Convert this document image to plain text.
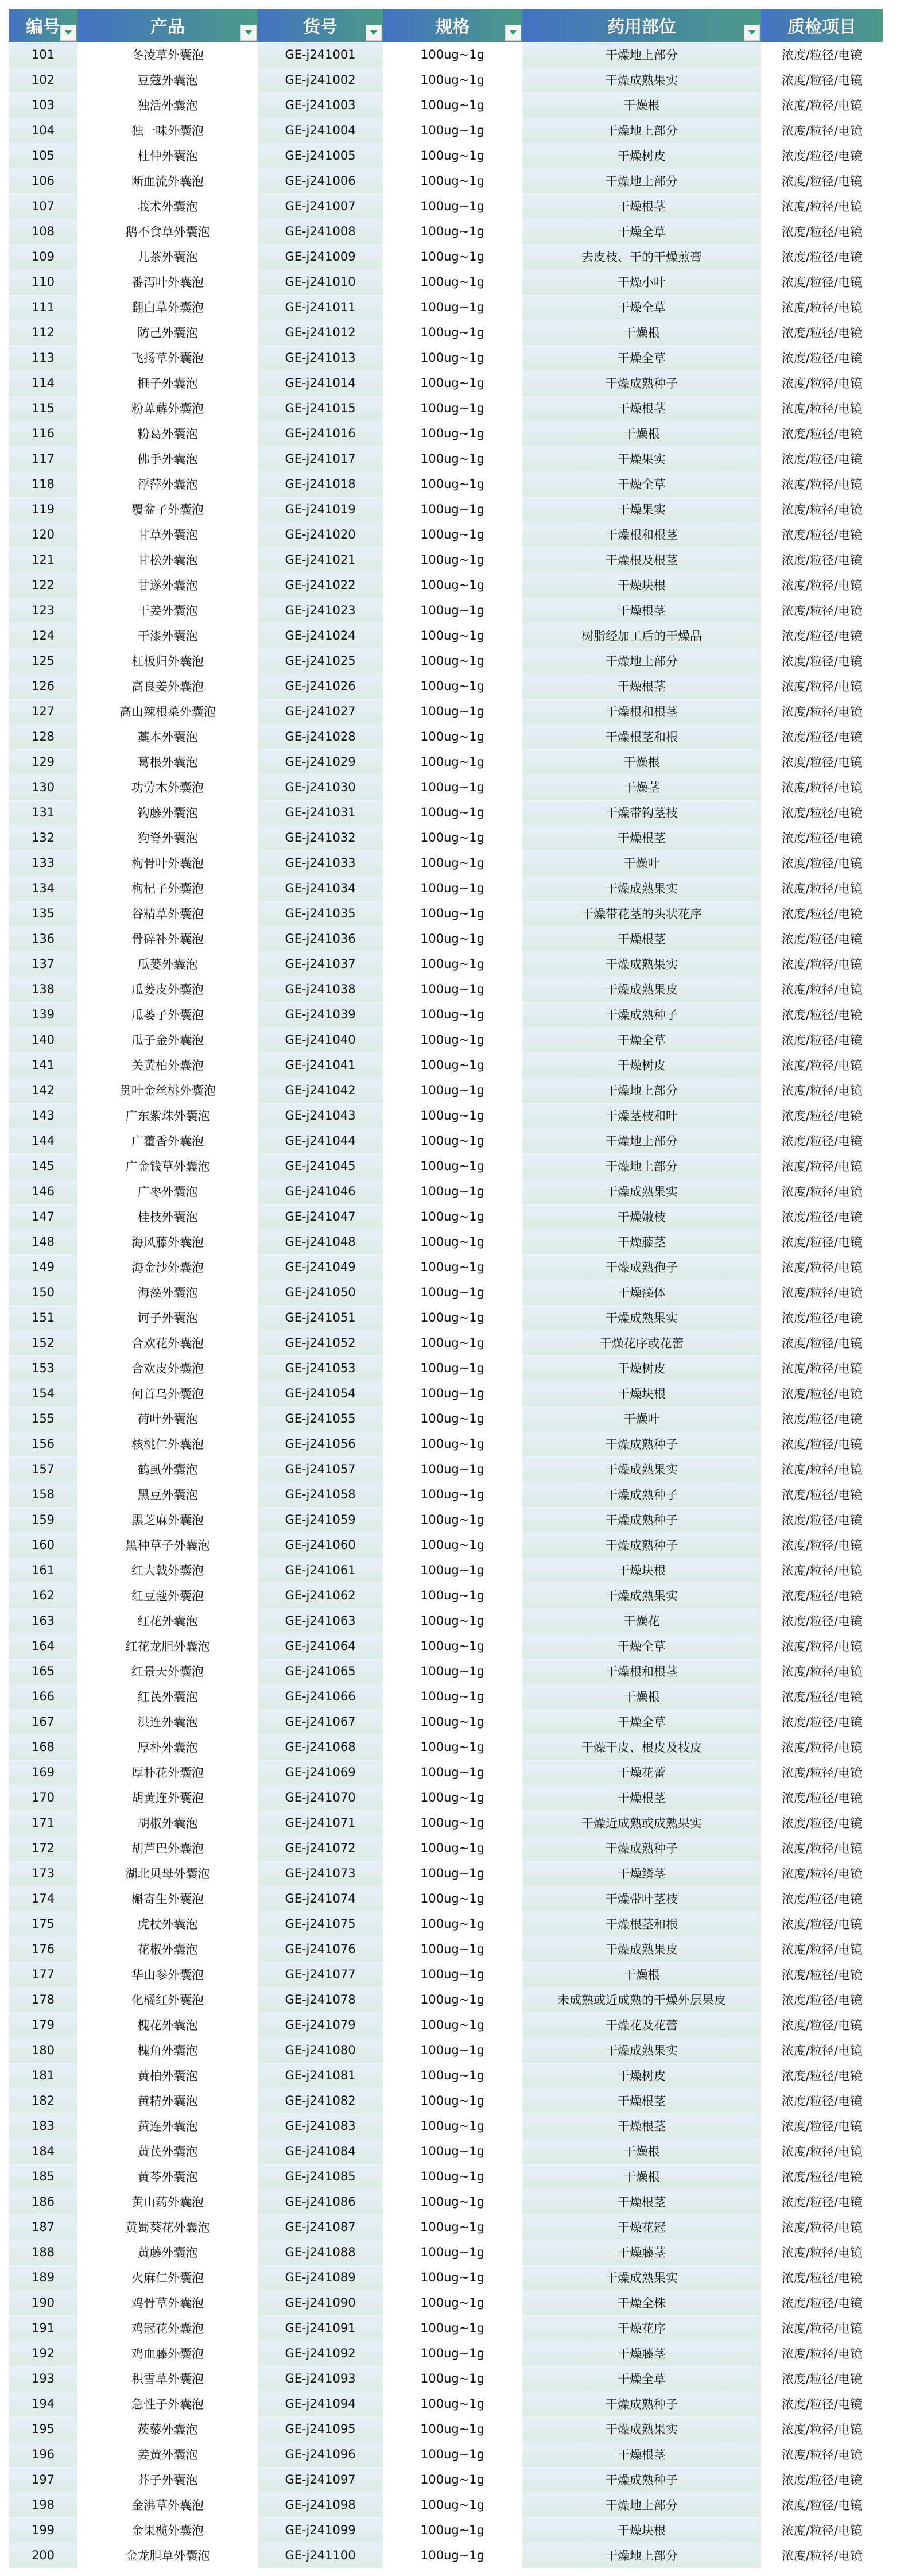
编号	产品	货号	规格	药用部位	质检项目
101	冬凌草外囊泡	GE-j241001	100ug~1g	干燥地上部分	浓度/粒径/电镜
102	豆蔻外囊泡	GE-j241002	100ug~1g	干燥成熟果实	浓度/粒径/电镜
103	独活外囊泡	GE-j241003	100ug~1g	干燥根	浓度/粒径/电镜
104	独一味外囊泡	GE-j241004	100ug~1g	干燥地上部分	浓度/粒径/电镜
105	杜仲外囊泡	GE-j241005	100ug~1g	干燥树皮	浓度/粒径/电镜
106	断血流外囊泡	GE-j241006	100ug~1g	干燥地上部分	浓度/粒径/电镜
107	莪术外囊泡	GE-j241007	100ug~1g	干燥根茎	浓度/粒径/电镜
108	鹅不食草外囊泡	GE-j241008	100ug~1g	干燥全草	浓度/粒径/电镜
109	儿茶外囊泡	GE-j241009	100ug~1g	去皮枝、干的干燥煎膏	浓度/粒径/电镜
110	番泻叶外囊泡	GE-j241010	100ug~1g	干燥小叶	浓度/粒径/电镜
111	翻白草外囊泡	GE-j241011	100ug~1g	干燥全草	浓度/粒径/电镜
112	防己外囊泡	GE-j241012	100ug~1g	干燥根	浓度/粒径/电镜
113	飞扬草外囊泡	GE-j241013	100ug~1g	干燥全草	浓度/粒径/电镜
114	榧子外囊泡	GE-j241014	100ug~1g	干燥成熟种子	浓度/粒径/电镜
115	粉萆薢外囊泡	GE-j241015	100ug~1g	干燥根茎	浓度/粒径/电镜
116	粉葛外囊泡	GE-j241016	100ug~1g	干燥根	浓度/粒径/电镜
117	佛手外囊泡	GE-j241017	100ug~1g	干燥果实	浓度/粒径/电镜
118	浮萍外囊泡	GE-j241018	100ug~1g	干燥全草	浓度/粒径/电镜
119	覆盆子外囊泡	GE-j241019	100ug~1g	干燥果实	浓度/粒径/电镜
120	甘草外囊泡	GE-j241020	100ug~1g	干燥根和根茎	浓度/粒径/电镜
121	甘松外囊泡	GE-j241021	100ug~1g	干燥根及根茎	浓度/粒径/电镜
122	甘遂外囊泡	GE-j241022	100ug~1g	干燥块根	浓度/粒径/电镜
123	干姜外囊泡	GE-j241023	100ug~1g	干燥根茎	浓度/粒径/电镜
124	干漆外囊泡	GE-j241024	100ug~1g	树脂经加工后的干燥品	浓度/粒径/电镜
125	杠板归外囊泡	GE-j241025	100ug~1g	干燥地上部分	浓度/粒径/电镜
126	高良姜外囊泡	GE-j241026	100ug~1g	干燥根茎	浓度/粒径/电镜
127	高山辣根菜外囊泡	GE-j241027	100ug~1g	干燥根和根茎	浓度/粒径/电镜
128	藁本外囊泡	GE-j241028	100ug~1g	干燥根茎和根	浓度/粒径/电镜
129	葛根外囊泡	GE-j241029	100ug~1g	干燥根	浓度/粒径/电镜
130	功劳木外囊泡	GE-j241030	100ug~1g	干燥茎	浓度/粒径/电镜
131	钩藤外囊泡	GE-j241031	100ug~1g	干燥带钩茎枝	浓度/粒径/电镜
132	狗脊外囊泡	GE-j241032	100ug~1g	干燥根茎	浓度/粒径/电镜
133	枸骨叶外囊泡	GE-j241033	100ug~1g	干燥叶	浓度/粒径/电镜
134	枸杞子外囊泡	GE-j241034	100ug~1g	干燥成熟果实	浓度/粒径/电镜
135	谷精草外囊泡	GE-j241035	100ug~1g	干燥带花茎的头状花序	浓度/粒径/电镜
136	骨碎补外囊泡	GE-j241036	100ug~1g	干燥根茎	浓度/粒径/电镜
137	瓜蒌外囊泡	GE-j241037	100ug~1g	干燥成熟果实	浓度/粒径/电镜
138	瓜蒌皮外囊泡	GE-j241038	100ug~1g	干燥成熟果皮	浓度/粒径/电镜
139	瓜蒌子外囊泡	GE-j241039	100ug~1g	干燥成熟种子	浓度/粒径/电镜
140	瓜子金外囊泡	GE-j241040	100ug~1g	干燥全草	浓度/粒径/电镜
141	关黄柏外囊泡	GE-j241041	100ug~1g	干燥树皮	浓度/粒径/电镜
142	贯叶金丝桃外囊泡	GE-j241042	100ug~1g	干燥地上部分	浓度/粒径/电镜
143	广东紫珠外囊泡	GE-j241043	100ug~1g	干燥茎枝和叶	浓度/粒径/电镜
144	广藿香外囊泡	GE-j241044	100ug~1g	干燥地上部分	浓度/粒径/电镜
145	广金钱草外囊泡	GE-j241045	100ug~1g	干燥地上部分	浓度/粒径/电镜
146	广枣外囊泡	GE-j241046	100ug~1g	干燥成熟果实	浓度/粒径/电镜
147	桂枝外囊泡	GE-j241047	100ug~1g	干燥嫩枝	浓度/粒径/电镜
148	海风藤外囊泡	GE-j241048	100ug~1g	干燥藤茎	浓度/粒径/电镜
149	海金沙外囊泡	GE-j241049	100ug~1g	干燥成熟孢子	浓度/粒径/电镜
150	海藻外囊泡	GE-j241050	100ug~1g	干燥藻体	浓度/粒径/电镜
151	诃子外囊泡	GE-j241051	100ug~1g	干燥成熟果实	浓度/粒径/电镜
152	合欢花外囊泡	GE-j241052	100ug~1g	干燥花序或花蕾	浓度/粒径/电镜
153	合欢皮外囊泡	GE-j241053	100ug~1g	干燥树皮	浓度/粒径/电镜
154	何首乌外囊泡	GE-j241054	100ug~1g	干燥块根	浓度/粒径/电镜
155	荷叶外囊泡	GE-j241055	100ug~1g	干燥叶	浓度/粒径/电镜
156	核桃仁外囊泡	GE-j241056	100ug~1g	干燥成熟种子	浓度/粒径/电镜
157	鹤虱外囊泡	GE-j241057	100ug~1g	干燥成熟果实	浓度/粒径/电镜
158	黑豆外囊泡	GE-j241058	100ug~1g	干燥成熟种子	浓度/粒径/电镜
159	黑芝麻外囊泡	GE-j241059	100ug~1g	干燥成熟种子	浓度/粒径/电镜
160	黑种草子外囊泡	GE-j241060	100ug~1g	干燥成熟种子	浓度/粒径/电镜
161	红大戟外囊泡	GE-j241061	100ug~1g	干燥块根	浓度/粒径/电镜
162	红豆蔻外囊泡	GE-j241062	100ug~1g	干燥成熟果实	浓度/粒径/电镜
163	红花外囊泡	GE-j241063	100ug~1g	干燥花	浓度/粒径/电镜
164	红花龙胆外囊泡	GE-j241064	100ug~1g	干燥全草	浓度/粒径/电镜
165	红景天外囊泡	GE-j241065	100ug~1g	干燥根和根茎	浓度/粒径/电镜
166	红芪外囊泡	GE-j241066	100ug~1g	干燥根	浓度/粒径/电镜
167	洪连外囊泡	GE-j241067	100ug~1g	干燥全草	浓度/粒径/电镜
168	厚朴外囊泡	GE-j241068	100ug~1g	干燥干皮、根皮及枝皮	浓度/粒径/电镜
169	厚朴花外囊泡	GE-j241069	100ug~1g	干燥花蕾	浓度/粒径/电镜
170	胡黄连外囊泡	GE-j241070	100ug~1g	干燥根茎	浓度/粒径/电镜
171	胡椒外囊泡	GE-j241071	100ug~1g	干燥近成熟或成熟果实	浓度/粒径/电镜
172	胡芦巴外囊泡	GE-j241072	100ug~1g	干燥成熟种子	浓度/粒径/电镜
173	湖北贝母外囊泡	GE-j241073	100ug~1g	干燥鳞茎	浓度/粒径/电镜
174	槲寄生外囊泡	GE-j241074	100ug~1g	干燥带叶茎枝	浓度/粒径/电镜
175	虎杖外囊泡	GE-j241075	100ug~1g	干燥根茎和根	浓度/粒径/电镜
176	花椒外囊泡	GE-j241076	100ug~1g	干燥成熟果皮	浓度/粒径/电镜
177	华山参外囊泡	GE-j241077	100ug~1g	干燥根	浓度/粒径/电镜
178	化橘红外囊泡	GE-j241078	100ug~1g	未成熟或近成熟的干燥外层果皮	浓度/粒径/电镜
179	槐花外囊泡	GE-j241079	100ug~1g	干燥花及花蕾	浓度/粒径/电镜
180	槐角外囊泡	GE-j241080	100ug~1g	干燥成熟果实	浓度/粒径/电镜
181	黄柏外囊泡	GE-j241081	100ug~1g	干燥树皮	浓度/粒径/电镜
182	黄精外囊泡	GE-j241082	100ug~1g	干燥根茎	浓度/粒径/电镜
183	黄连外囊泡	GE-j241083	100ug~1g	干燥根茎	浓度/粒径/电镜
184	黄芪外囊泡	GE-j241084	100ug~1g	干燥根	浓度/粒径/电镜
185	黄芩外囊泡	GE-j241085	100ug~1g	干燥根	浓度/粒径/电镜
186	黄山药外囊泡	GE-j241086	100ug~1g	干燥根茎	浓度/粒径/电镜
187	黄蜀葵花外囊泡	GE-j241087	100ug~1g	干燥花冠	浓度/粒径/电镜
188	黄藤外囊泡	GE-j241088	100ug~1g	干燥藤茎	浓度/粒径/电镜
189	火麻仁外囊泡	GE-j241089	100ug~1g	干燥成熟果实	浓度/粒径/电镜
190	鸡骨草外囊泡	GE-j241090	100ug~1g	干燥全株	浓度/粒径/电镜
191	鸡冠花外囊泡	GE-j241091	100ug~1g	干燥花序	浓度/粒径/电镜
192	鸡血藤外囊泡	GE-j241092	100ug~1g	干燥藤茎	浓度/粒径/电镜
193	积雪草外囊泡	GE-j241093	100ug~1g	干燥全草	浓度/粒径/电镜
194	急性子外囊泡	GE-j241094	100ug~1g	干燥成熟种子	浓度/粒径/电镜
195	蒺藜外囊泡	GE-j241095	100ug~1g	干燥成熟果实	浓度/粒径/电镜
196	姜黄外囊泡	GE-j241096	100ug~1g	干燥根茎	浓度/粒径/电镜
197	芥子外囊泡	GE-j241097	100ug~1g	干燥成熟种子	浓度/粒径/电镜
198	金沸草外囊泡	GE-j241098	100ug~1g	干燥地上部分	浓度/粒径/电镜
199	金果榄外囊泡	GE-j241099	100ug~1g	干燥块根	浓度/粒径/电镜
200	金龙胆草外囊泡	GE-j241100	100ug~1g	干燥地上部分	浓度/粒径/电镜
